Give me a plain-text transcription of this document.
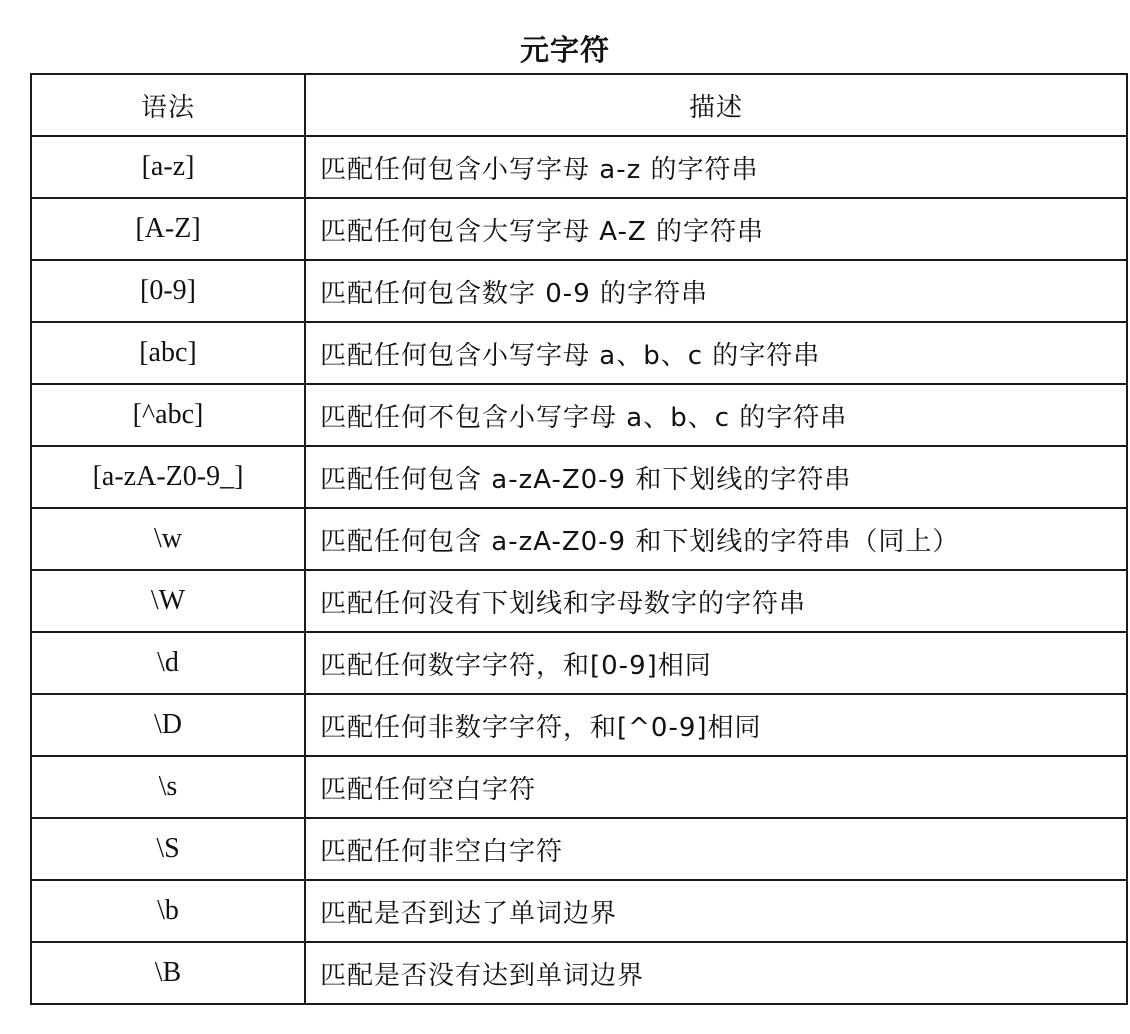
元字符
语法	描述
[a-z]	匹配任何包含小写字母 a-z 的字符串
[A-Z]	匹配任何包含大写字母 A-Z 的字符串
[0-9]	匹配任何包含数字 0-9 的字符串
[abc]	匹配任何包含小写字母 a、b、c 的字符串
[^abc]	匹配任何不包含小写字母 a、b、c 的字符串
[a-zA-Z0-9_]	匹配任何包含 a-zA-Z0-9 和下划线的字符串
\w	匹配任何包含 a-zA-Z0-9 和下划线的字符串（同上）
\W	匹配任何没有下划线和字母数字的字符串
\d	匹配任何数字字符，和[0-9]相同
\D	匹配任何非数字字符，和[^0-9]相同
\s	匹配任何空白字符
\S	匹配任何非空白字符
\b	匹配是否到达了单词边界
\B	匹配是否没有达到单词边界
